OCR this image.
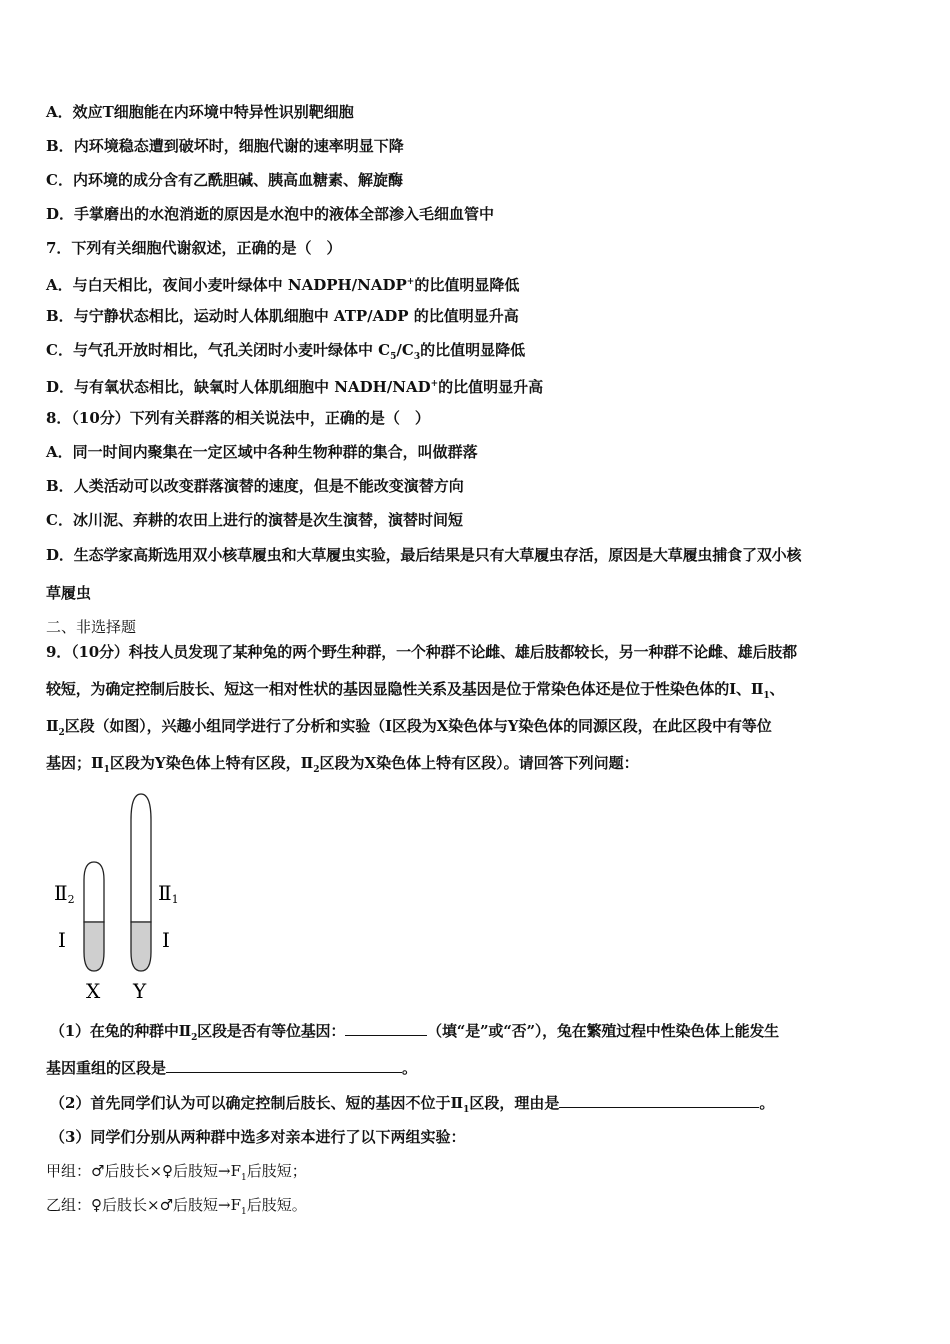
A．效应T细胞能在内环境中特异性识别靶细胞
B．内环境稳态遭到破坏时，细胞代谢的速率明显下降
C．内环境的成分含有乙酰胆碱、胰高血糖素、解旋酶
D．手掌磨出的水泡消逝的原因是水泡中的液体全部渗入毛细血管中
7．下列有关细胞代谢叙述，正确的是（　）
A．与白天相比，夜间小麦叶绿体中 NADPH/NADP+的比值明显降低
B．与宁静状态相比，运动时人体肌细胞中 ATP/ADP 的比值明显升高
C．与气孔开放时相比，气孔关闭时小麦叶绿体中 $C_5/C_3$的比值明显降低
D．与有氧状态相比，缺氧时人体肌细胞中 NADH/NAD+的比值明显升高
8．（10分）下列有关群落的相关说法中，正确的是（　）
A．同一时间内聚集在一定区域中各种生物种群的集合，叫做群落
B．人类活动可以改变群落演替的速度，但是不能改变演替方向
C．冰川泥、弃耕的农田上进行的演替是次生演替，演替时间短
D．生态学家高斯选用双小核草履虫和大草履虫实验，最后结果是只有大草履虫存活，原因是大草履虫捕食了双小核
草履虫
二、非选择题
9．（10分）科技人员发现了某种兔的两个野生种群，一个种群不论雌、雄后肢都较长，另一种群不论雌、雄后肢都
较短，为确定控制后肢长、短这一相对性状的基因显隐性关系及基因是位于常染色体还是位于性染色体的Ⅰ、$Ⅱ_1$、
$Ⅱ_2$区段（如图），兴趣小组同学进行了分析和实验（Ⅰ区段为X染色体与Y染色体的同源区段，在此区段中有等位
基因；$Ⅱ_1$区段为Y染色体上特有区段，$Ⅱ_2$区段为X染色体上特有区段）。请回答下列问题：
Ⅱ2
Ⅰ
Ⅱ1
Ⅰ
X Y
（1）在兔的种群中$Ⅱ_2$区段是否有等位基因：	（填“是”或“否”），兔在繁殖过程中性染色体上能发生
基因重组的区段是	。
（2）首先同学们认为可以确定控制后肢长、短的基因不位于$Ⅱ_1$区段，理由是	。
（3）同学们分别从两种群中选多对亲本进行了以下两组实验：
甲组：♂后肢长×♀后肢短$\to F_1$后肢短；
乙组：♀后肢长×♂后肢短$\to F_1$后肢短。
